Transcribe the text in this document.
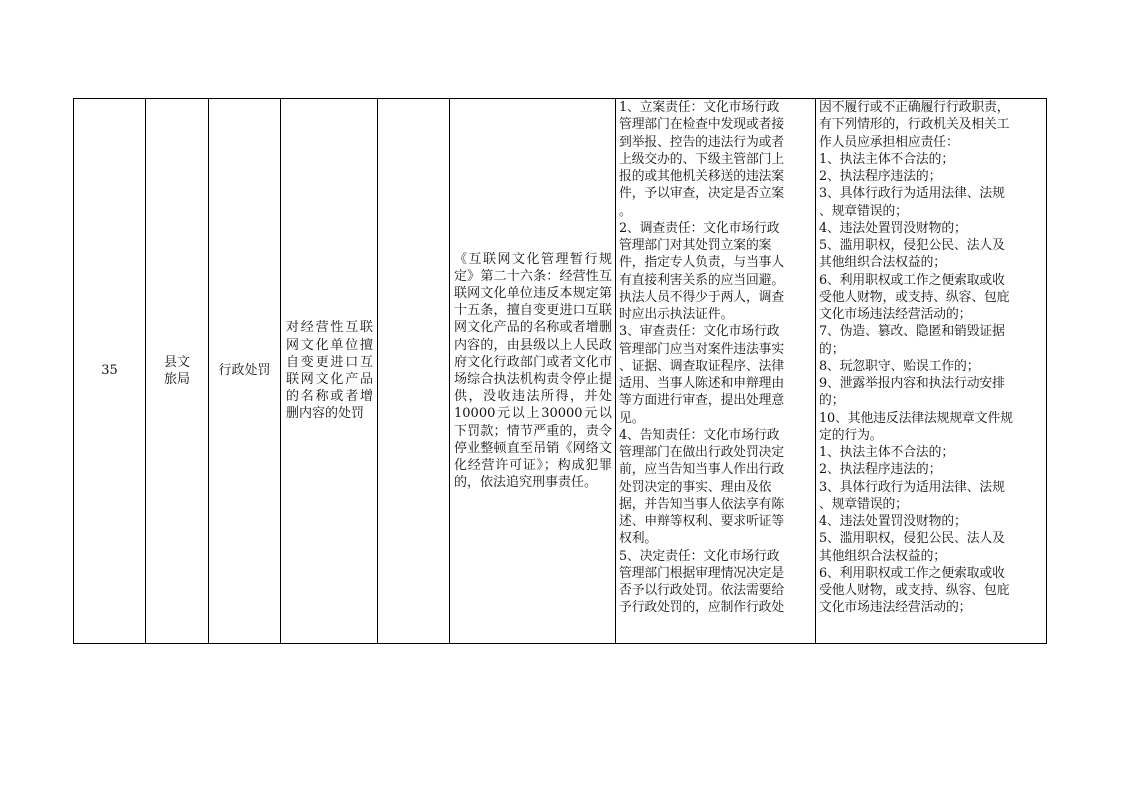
35
县文旅局
行政处罚
对经营性互联网文化单位擅自变更进口互联网文化产品的名称或者增删内容的处罚
《互联网文化管理暂行规定》第二十六条：经营性互联网文化单位违反本规定第十五条，擅自变更进口互联网文化产品的名称或者增删内容的，由县级以上人民政府文化行政部门或者文化市场综合执法机构责令停止提供，没收违法所得，并处10000元以上30000元以下罚款；情节严重的，责令停业整顿直至吊销《网络文化经营许可证》；构成犯罪的，依法追究刑事责任。
1、立案责任：文化市场行政
管理部门在检查中发现或者接
到举报、控告的违法行为或者
上级交办的、下级主管部门上
报的或其他机关移送的违法案
件，予以审查，决定是否立案
。
2、调查责任：文化市场行政
管理部门对其处罚立案的案
件，指定专人负责，与当事人
有直接利害关系的应当回避。
执法人员不得少于两人，调查
时应出示执法证件。
3、审查责任：文化市场行政
管理部门应当对案件违法事实
、证据、调查取证程序、法律
适用、当事人陈述和申辩理由
等方面进行审查，提出处理意
见。
4、告知责任：文化市场行政
管理部门在做出行政处罚决定
前，应当告知当事人作出行政
处罚决定的事实、理由及依
据，并告知当事人依法享有陈
述、申辩等权利、要求听证等
权利。
5、决定责任：文化市场行政
管理部门根据审理情况决定是
否予以行政处罚。依法需要给
予行政处罚的，应制作行政处
因不履行或不正确履行行政职责，
有下列情形的，行政机关及相关工
作人员应承担相应责任：
1、执法主体不合法的；
2、执法程序违法的；
3、具体行政行为适用法律、法规
、规章错误的；
4、违法处置罚没财物的；
5、滥用职权，侵犯公民、法人及
其他组织合法权益的；
6、利用职权或工作之便索取或收
受他人财物，或支持、纵容、包庇
文化市场违法经营活动的；
7、伪造、篡改、隐匿和销毁证据
的；
8、玩忽职守、贻误工作的；
9、泄露举报内容和执法行动安排
的；
10、其他违反法律法规规章文件规
定的行为。
1、执法主体不合法的；
2、执法程序违法的；
3、具体行政行为适用法律、法规
、规章错误的；
4、违法处置罚没财物的；
5、滥用职权，侵犯公民、法人及
其他组织合法权益的；
6、利用职权或工作之便索取或收
受他人财物，或支持、纵容、包庇
文化市场违法经营活动的；
